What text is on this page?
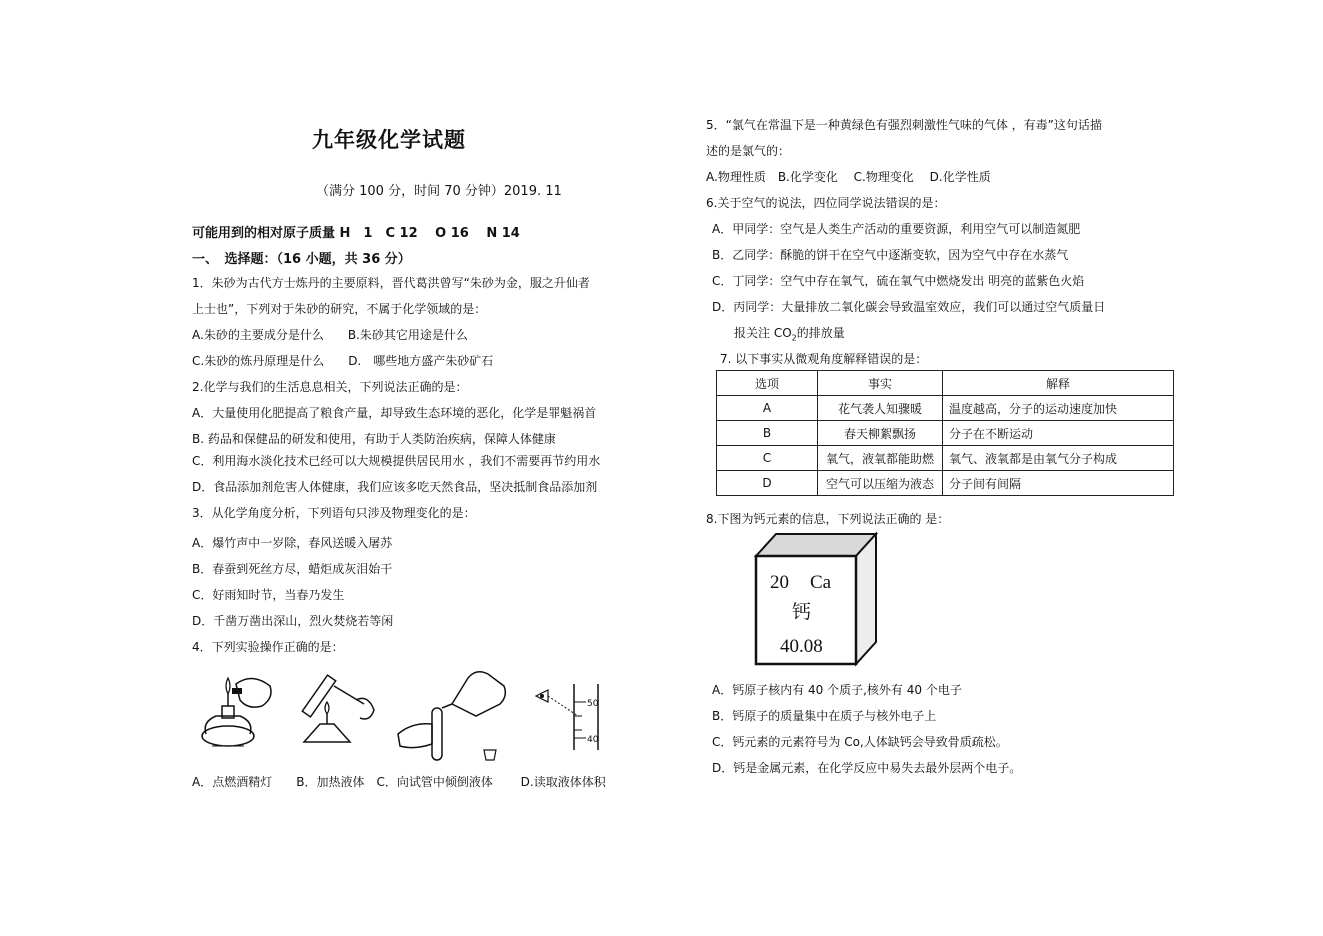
九年级化学试题
（满分 100 分，时间 70 分钟）2019. 11
可能用到的相对原子质量 H　1　C 12　 O 16　 N 14
一、　选择题：（16 小题，共 36 分）
1．朱砂为古代方士炼丹的主要原料，晋代葛洪曾写“朱砂为金，服之升仙者
上士也”，下列对于朱砂的研究，不属于化学领域的是：
A.朱砂的主要成分是什么　　B.朱砂其它用途是什么
C.朱砂的炼丹原理是什么　　D.　哪些地方盛产朱砂矿石
2.化学与我们的生活息息相关，下列说法正确的是：
A．大量使用化肥提高了粮食产量，却导致生态环境的恶化，化学是罪魁祸首
B. 药品和保健品的研发和使用，有助于人类防治疾病，保障人体健康
C．利用海水淡化技术已经可以大规模提供居民用水 ，我们不需要再节约用水
D．食品添加剂危害人体健康，我们应该多吃天然食品，坚决抵制食品添加剂
3．从化学角度分析，下列语句只涉及物理变化的是：
A．爆竹声中一岁除，春风送暖入屠苏
B．春蚕到死丝方尽，蜡炬成灰泪始干
C．好雨知时节，当春乃发生
D．千凿万凿出深山，烈火焚烧若等闲
4．下列实验操作正确的是：
50
40
A．点燃酒精灯　　B．加热液体　C．向试管中倾倒液体　　 D.读取液体体积
5．“氯气在常温下是一种黄绿色有强烈刺激性气味的气体 ，有毒”这句话描
述的是氯气的：
A.物理性质　B.化学变化　 C.物理变化　 D.化学性质
6.关于空气的说法，四位同学说法错误的是：
A．甲同学：空气是人类生产活动的重要资源，利用空气可以制造氮肥
B．乙同学：酥脆的饼干在空气中逐渐变软，因为空气中存在水蒸气
C．丁同学：空气中存在氧气，硫在氧气中燃烧发出 明亮的蓝紫色火焰
D．丙同学：大量排放二氧化碳会导致温室效应，我们可以通过空气质量日
报关注 $CO_2$的排放量
7. 以下事实从微观角度解释错误的是：
选项	事实	解释
A	花气袭人知骤暖	温度越高，分子的运动速度加快
B	春天柳絮飘扬	分子在不断运动
C	氧气，液氧都能助燃	氧气、液氧都是由氧气分子构成
D	空气可以压缩为液态	分子间有间隔
8.下图为钙元素的信息，下列说法正确的 是：
20 Ca
钙
40.08
A．钙原子核内有 40 个质子,核外有 40 个电子
B．钙原子的质量集中在质子与核外电子上
C．钙元素的元素符号为 Co,人体缺钙会导致骨质疏松。
D．钙是金属元素，在化学反应中易失去最外层两个电子。
